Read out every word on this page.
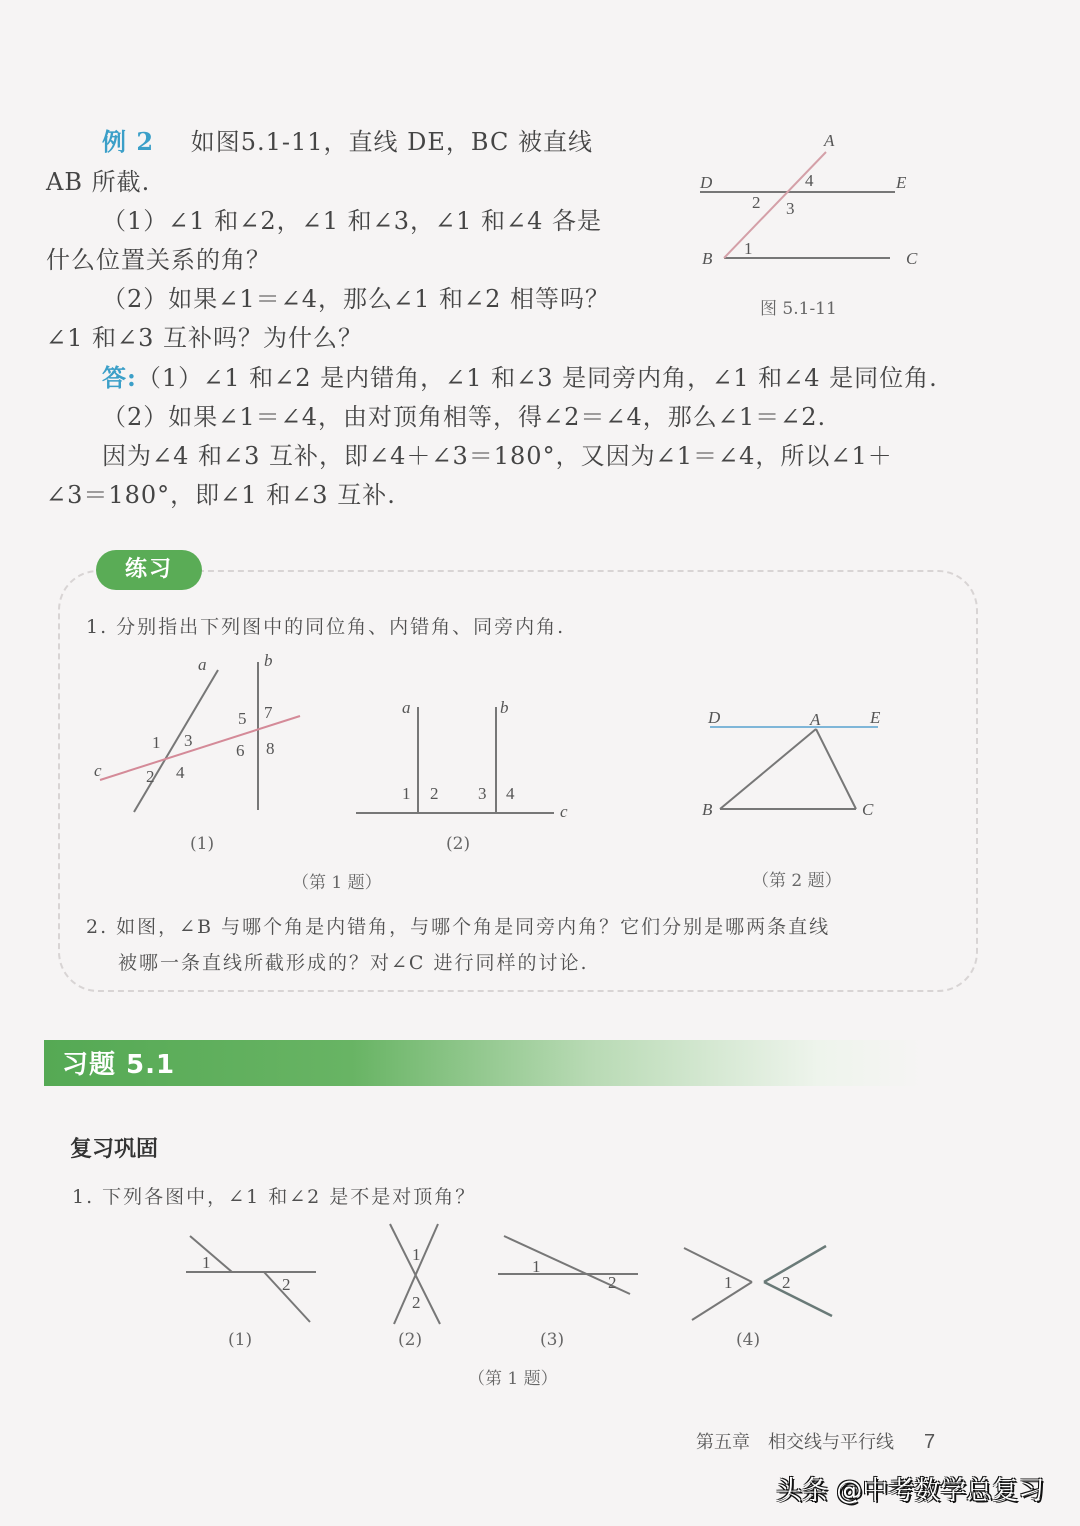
例 2 如图5.1-11，直线 DE，BC 被直线
AB 所截.
（1）∠1 和∠2，∠1 和∠3，∠1 和∠4 各是
什么位置关系的角？
（2）如果∠1＝∠4，那么∠1 和∠2 相等吗？
∠1 和∠3 互补吗？为什么？
A
D	E
B	C
4
2 3
1
图 5.1-11
答:（1）∠1 和∠2 是内错角，∠1 和∠3 是同旁内角，∠1 和∠4 是同位角.
（2）如果∠1＝∠4，由对顶角相等，得∠2＝∠4，那么∠1＝∠2.
因为∠4 和∠3 互补，即∠4＋∠3＝180°，又因为∠1＝∠4，所以∠1＋
∠3＝180°，即∠1 和∠3 互补.
练习
1. 分别指出下列图中的同位角、内错角、同旁内角.
a	b
c
1
2
3
4
5
6
7
8
(1)
a	b
c
1 2 3 4
(2)
（第 1 题）
D	A	E
B	C
（第 2 题）
2. 如图，∠B 与哪个角是内错角，与哪个角是同旁内角？它们分别是哪两条直线
被哪一条直线所截形成的？对∠C 进行同样的讨论.
习题 5.1
复习巩固
1. 下列各图中，∠1 和∠2 是不是对顶角？
1
2
(1)
1
2
(2)
1
2
(3)
1	2
(4)
（第 1 题）
第五章　相交线与平行线 7
头条 @中考数学总复习
